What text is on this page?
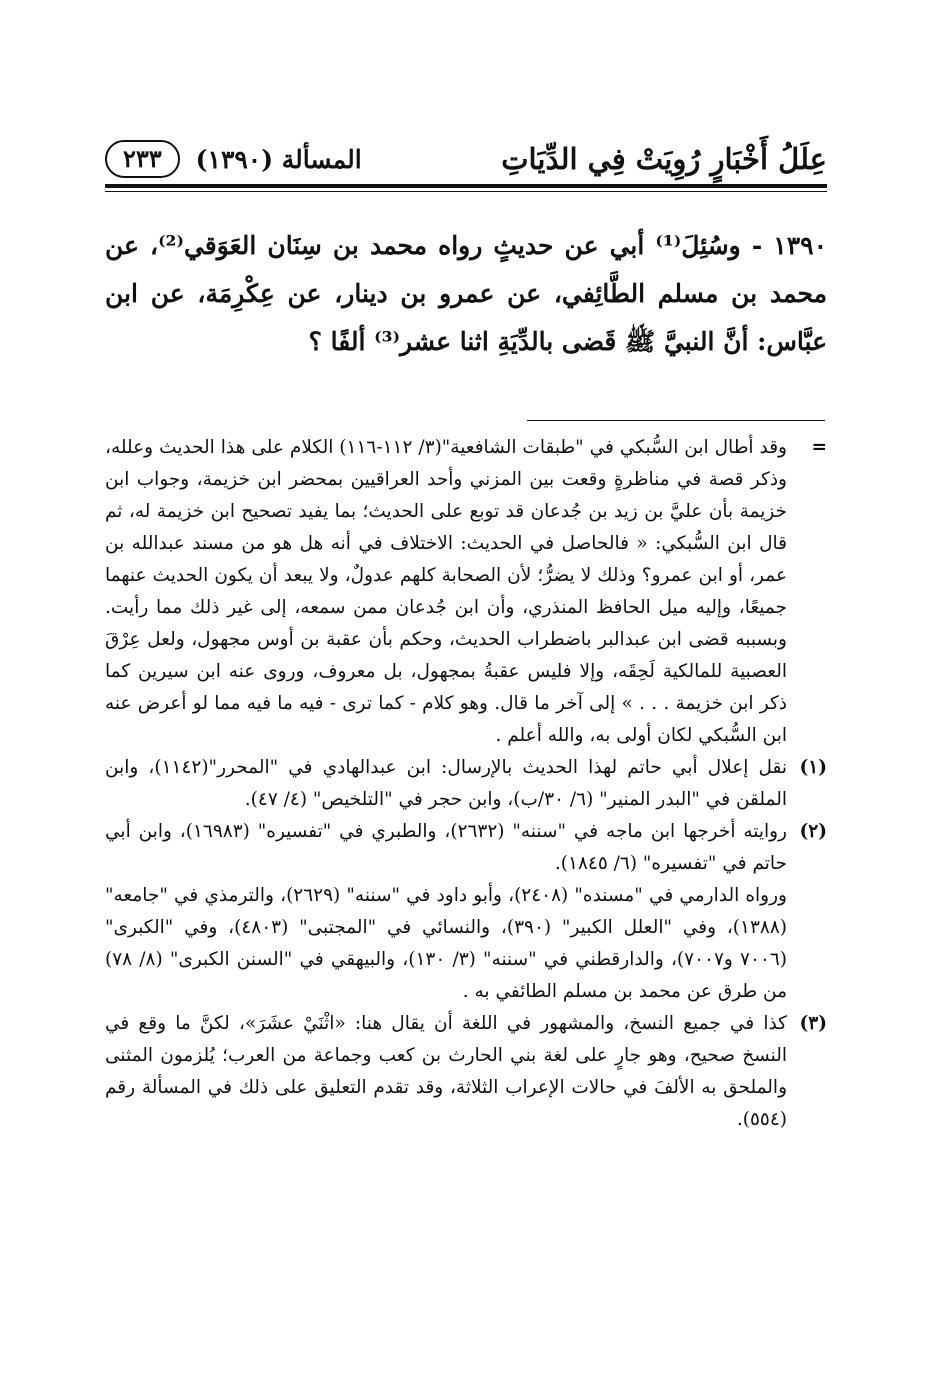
عِلَلُ أَخْبَارٍ رُوِيَتْ فِي الدِّيَاتِ
المسألة (١٣٩٠)
٢٣٣

١٣٩٠ - وسُئِلَ⁽¹⁾ أبي عن حديثٍ رواه محمد بن سِنَان العَوَقي⁽²⁾، عن محمد بن مسلم الطَّائِفي، عن عمرو بن دينار، عن عِكْرِمَة، عن ابن عبَّاس: أنَّ النبيَّ ﷺ قَضى بالدِّيَةِ اثنا عشر⁽³⁾ ألفًا ؟

=

وقد أطال ابن السُّبكي في "طبقات الشافعية"(٣/ ١١٢-١١٦) الكلام على هذا الحديث وعلله، وذكر قصة في مناظرةٍ وقعت بين المزني وأحد العراقيين بمحضر ابن خزيمة، وجواب ابن خزيمة بأن عليَّ بن زيد بن جُدعان قد توبع على الحديث؛ بما يفيد تصحيح ابن خزيمة له، ثم قال ابن السُّبكي: « فالحاصل في الحديث: الاختلاف في أنه هل هو من مسند عبدالله بن عمر، أو ابن عمرو؟ وذلك لا يضرُّ؛ لأن الصحابة كلهم عدولٌ، ولا يبعد أن يكون الحديث عنهما جميعًا، وإليه ميل الحافظ المنذري، وأن ابن جُدعان ممن سمعه، إلى غير ذلك مما رأيت. وبسببه قضى ابن عبدالبر باضطراب الحديث، وحكم بأن عقبة بن أوس مجهول، ولعل عِرْقَ العصبية للمالكية لَحِقَه، وإلا فليس عقبةُ بمجهول، بل معروف، وروى عنه ابن سيرين كما ذكر ابن خزيمة . . . » إلى آخر ما قال. وهو كلام - كما ترى - فيه ما فيه مما لو أعرض عنه ابن السُّبكي لكان أولى به، والله أعلم .

(١)

نقل إعلال أبي حاتم لهذا الحديث بالإرسال: ابن عبدالهادي في "المحرر"(١١٤٢)، وابن الملقن في "البدر المنير" (٦/ ٣٠/ب)، وابن حجر في "التلخيص" (٤/ ٤٧).

(٢)

روايته أخرجها ابن ماجه في "سننه" (٢٦٣٢)، والطبري في "تفسيره" (١٦٩٨٣)، وابن أبي حاتم في "تفسيره" (٦/ ١٨٤٥).

ورواه الدارمي في "مسنده" (٢٤٠٨)، وأبو داود في "سننه" (٢٦٢٩)، والترمذي في "جامعه" (١٣٨٨)، وفي "العلل الكبير" (٣٩٠)، والنسائي في "المجتبى" (٤٨٠٣)، وفي "الكبرى" (٧٠٠٦ و٧٠٠٧)، والدارقطني في "سننه" (٣/ ١٣٠)، والبيهقي في "السنن الكبرى" (٨/ ٧٨) من طرق عن محمد بن مسلم الطائفي به .

(٣)

كذا في جميع النسخ، والمشهور في اللغة أن يقال هنا: «اثْنَيْ عشَرَ»، لكنَّ ما وقع في النسخ صحيح، وهو جارٍ على لغة بني الحارث بن كعب وجماعة من العرب؛ يُلزمون المثنى والملحق به الألفَ في حالات الإعراب الثلاثة، وقد تقدم التعليق على ذلك في المسألة رقم (٥٥٤).
